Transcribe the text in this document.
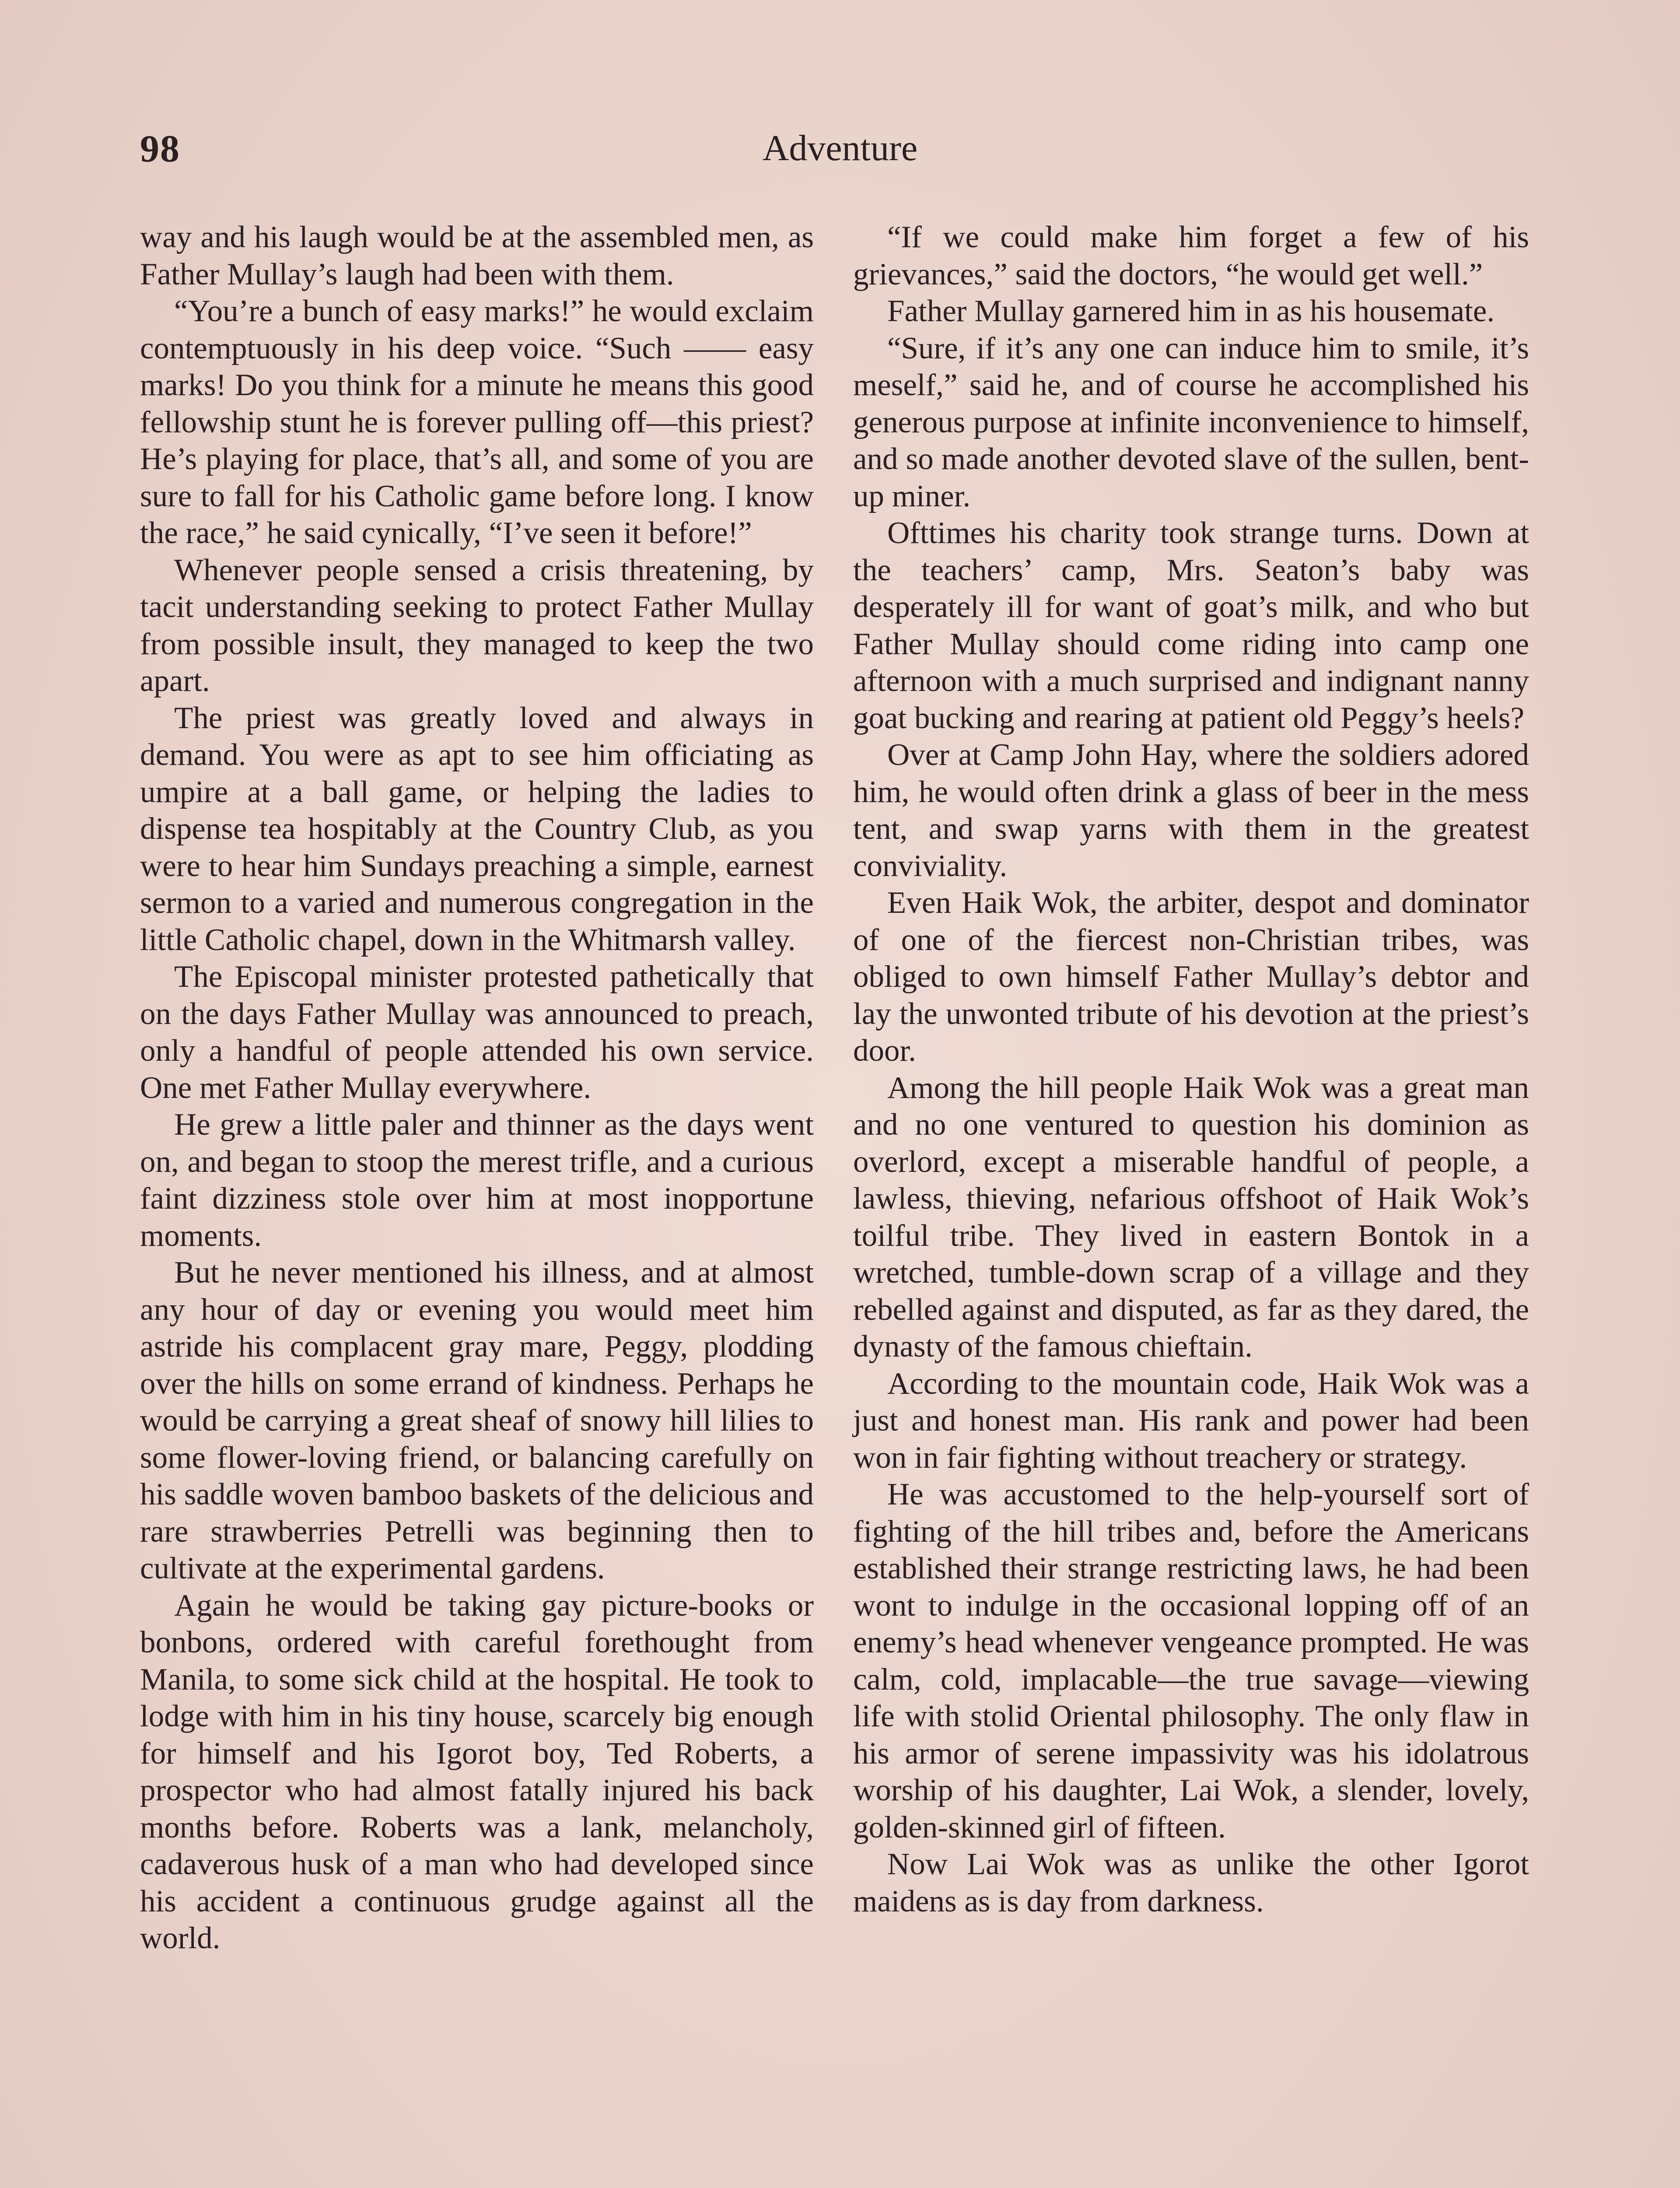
98	Adventure

way and his laugh would be at the assembled men, as Father Mullay’s laugh had been with them.

“You’re a bunch of easy marks!” he would exclaim contemptuously in his deep voice. “Such —— easy marks! Do you think for a minute he means this good fellowship stunt he is forever pulling off—this priest? He’s playing for place, that’s all, and some of you are sure to fall for his Catholic game before long. I know the race,” he said cynically, “I’ve seen it before!”

Whenever people sensed a crisis threatening, by tacit understanding seeking to protect Father Mullay from possible insult, they managed to keep the two apart.

The priest was greatly loved and always in demand. You were as apt to see him officiating as umpire at a ball game, or helping the ladies to dispense tea hospitably at the Country Club, as you were to hear him Sundays preaching a simple, earnest sermon to a varied and numerous congregation in the little Catholic chapel, down in the Whitmarsh valley.

The Episcopal minister protested pathetically that on the days Father Mullay was announced to preach, only a handful of people attended his own service. One met Father Mullay everywhere.

He grew a little paler and thinner as the days went on, and began to stoop the merest trifle, and a curious faint dizziness stole over him at most inopportune moments.

But he never mentioned his illness, and at almost any hour of day or evening you would meet him astride his complacent gray mare, Peggy, plodding over the hills on some errand of kindness. Perhaps he would be carrying a great sheaf of snowy hill lilies to some flower-loving friend, or balancing carefully on his saddle woven bamboo baskets of the delicious and rare strawberries Petrelli was beginning then to cultivate at the experimental gardens.

Again he would be taking gay picture-books or bonbons, ordered with careful forethought from Manila, to some sick child at the hospital. He took to lodge with him in his tiny house, scarcely big enough for himself and his Igorot boy, Ted Roberts, a prospector who had almost fatally injured his back months before. Roberts was a lank, melancholy, cadaverous husk of a man who had developed since his accident a continuous grudge against all the world.

“If we could make him forget a few of his grievances,” said the doctors, “he would get well.”

Father Mullay garnered him in as his housemate.

“Sure, if it’s any one can induce him to smile, it’s meself,” said he, and of course he accomplished his generous purpose at infinite inconvenience to himself, and so made another devoted slave of the sullen, bent-up miner.

Ofttimes his charity took strange turns. Down at the teachers’ camp, Mrs. Seaton’s baby was desperately ill for want of goat’s milk, and who but Father Mullay should come riding into camp one afternoon with a much surprised and indignant nanny goat bucking and rearing at patient old Peggy’s heels?

Over at Camp John Hay, where the soldiers adored him, he would often drink a glass of beer in the mess tent, and swap yarns with them in the greatest conviviality.

Even Haik Wok, the arbiter, despot and dominator of one of the fiercest non-Christian tribes, was obliged to own himself Father Mullay’s debtor and lay the unwonted tribute of his devotion at the priest’s door.

Among the hill people Haik Wok was a great man and no one ventured to question his dominion as overlord, except a miserable handful of people, a lawless, thieving, nefarious offshoot of Haik Wok’s toilful tribe. They lived in eastern Bontok in a wretched, tumble-down scrap of a village and they rebelled against and disputed, as far as they dared, the dynasty of the famous chieftain.

According to the mountain code, Haik Wok was a just and honest man. His rank and power had been won in fair fighting without treachery or strategy.

He was accustomed to the help-yourself sort of fighting of the hill tribes and, before the Americans established their strange restricting laws, he had been wont to indulge in the occasional lopping off of an enemy’s head whenever vengeance prompted. He was calm, cold, implacable—the true savage—viewing life with stolid Oriental philosophy. The only flaw in his armor of serene impassivity was his idolatrous worship of his daughter, Lai Wok, a slender, lovely, golden-skinned girl of fifteen.

Now Lai Wok was as unlike the other Igorot maidens as is day from darkness.
